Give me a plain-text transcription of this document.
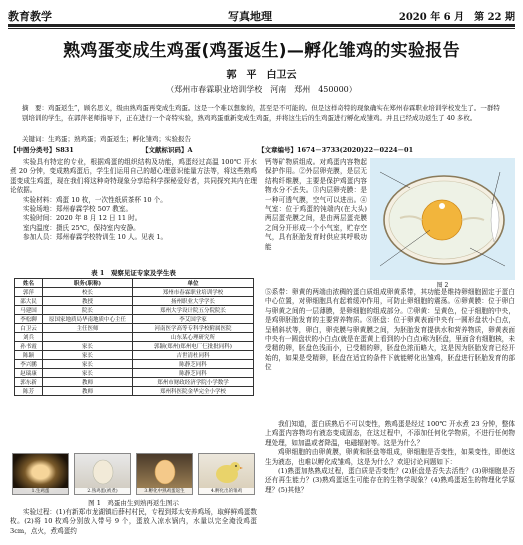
教育教学	写真地理	2020 年 6 月　第 22 期
熟鸡蛋变成生鸡蛋(鸡蛋返生)—孵化雏鸡的实验报告
郭　平　白卫云
（郑州市春霖职业培训学校　河南　郑州　450000）
摘　要：鸡蛋返生”，顾名思义，级由熟鸡蛋再变成生鸡蛋。这是一个难以想象的，甚至是不可能的。但是这样奇特的现象确实在郑州春霖职业培训学校发生了。一群特别培训的学生，在郭萍老师指导下，正在进行一个奇特实验，熟鸡鸡蛋重新变成生鸡蛋，并将这生后的生鸡蛋进行孵化成雏鸡。并且已经成功返生了 40 多枚。
关键词：生鸡蛋；熟鸡蛋；鸡蛋返生；孵化雏鸡；实验报告
【中图分类号】S831	【文献标识码】A	【文章编号】1674－3733(2020)22－0224－01

实验具有特定的专业，根据鸡蛋的组织结构及功能，鸡蛋经过高温 100℃ 开水煮 20 分钟，变成熟鸡蛋后，学生们运用自己的超心理意识能量方法等，将这些熟鸡蛋变成生鸡蛋，现在我们将这种奇特现象分享给科学探秘爱好者，共同探究其内在理论依据。

实验材料：鸡蛋 10 枚，一次性纸质茶杯 10 个。

实验场地：郑州春霖学校 507 教室。

实验时间：2020 年 8 月 12 日 11 时。

室内温度：摄氏 25℃，保持室内安静。

参加人员：郑州春霖学校特训生 10 人。见表 1。

表 1　观察见证专家及学生表
姓名	职务(职称)	单位
郭萍	校长	郑州市春霖职业培训学校
邵大民	教授	扬州职业大学学长
马建国	院长	郑州大学设计院五分院院长
李松聊	原国家地质局华南地质中心主任	李艾国学家
白卫云	主任医师	河南医学高等专科学校附属医院
刘兵		山东某心理研究所
孙书霞	家长	郭颖(郑州)郑州电厂仨批批同科)
陈颖	家长	吉世清杜同科
李兴鹏	家长	陈静芝同科
赵瑞康	家长	陈静芝同科
郭东新	教师	郑州市财政经济学院小学数学
陈芳	教师	郑州科医院金华完全小学校
1.生鸡蛋	2.熟鸡蛋(被煮)	3.孵化中熟鸡蛋返生	4.孵化出的雏鸡
图 1　鸡蛋由生到熟再返生图示
实验过程：(1)有新郑市龙湖镇后薛村村民，专程到郑太安养鸡场，取鲜鲜鸡蛋数枚。(2)将 10 枚鸡分别放入带号 9 个，蛋放入凉水锅内，水量以完全淹没鸡蛋 3cm，点火，煮鸡蛋约
钙等矿物质组成。对鸡蛋内容物起保护作用。②外层卵壳膜，是层无结构纤维膜，主要是保护鸡蛋内容物水分不丢失。③内层卵壳膜：是一种可透气膜，空气可以进出。④气室：位于鸡蛋的钝端内(在大头)两层蛋壳膜之间，是由两层蛋壳膜之间分开形成一个小气室，贮存空气，具有胚胎发育时供应其呼吸功能
图 2
⑤系带：卵黄的两端由浓稠的蛋白质组成卵黄系带，其功能是维持卵细胞固定于蛋白中心位置，对卵细胞具有起着缓冲作用，可防止卵细胞的震荡。⑥卵黄膜：位于卵白与卵黄之间的一层薄膜，是卵细胞的组成部分。⑦卵黄：呈黄色，位于细胞的中央，是鸡卵胚胎发育的主要营养物质。⑧胚盘：位于卵黄表面中央有一圆形盘状小白点，呈稍斜状等，卵白，卵壳膜与卵黄膜之间，为胚胎发育提供水和营养物质，卵黄表面中央有一圆盘状的小白点(就是在蛋黄上看到的小白点)称为胚盘，里面含有细胞核，未受精的卵，胚盘色浅而小，已受精的卵，胚盘色浓而略大，这是因为胚胎发育已经开始的，如果是受精卵，胚盘在适宜的条件下就能孵化出雏鸡，胚盘进行胚胎发育的部位

我们知道，蛋白质熟后不可以变性，熟鸡蛋是经过 100℃ 开水煮 23 分钟，整体上鸡蛋内容物均有液态变成固态，在这过程中，不添加任何化学物质，不进行任何物理处理，如加温或者降温，电磁辐射等。这是为什么？

鸡卵细胞的由卵黄膜，卵黄和胚盘等组成，卵细胞是否变性，如果变性，即使这生为液态，也难以孵化成雏鸡，这是为什么？欢迎讨论问题如下：

(1)熟蛋加热熟成过程，蛋白质是否变性？(2)胚盘是否失去活性？(3)卵细胞是否还有再生能力？(3)熟鸡蛋返生可能存在的生物学现象？(4)熟鸡蛋返生的物理化学原理？(5)其他？
